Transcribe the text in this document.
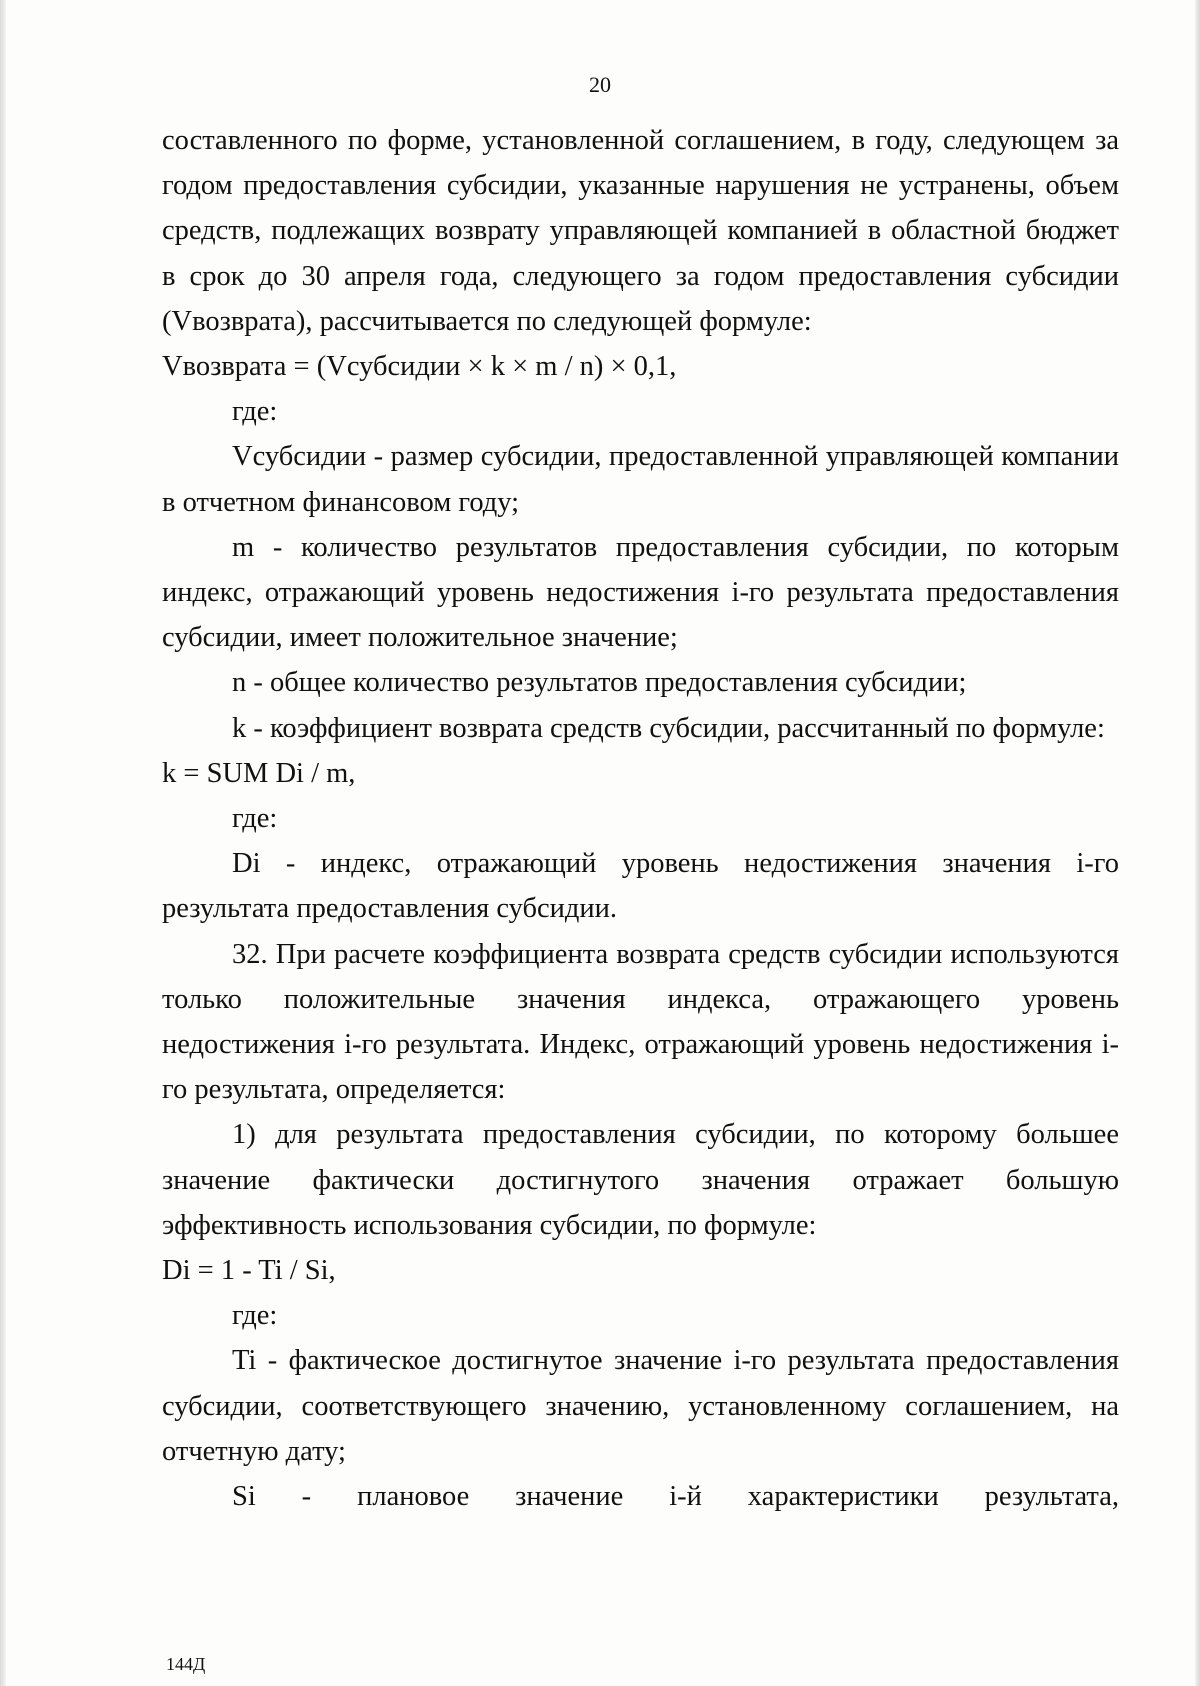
20

составленного по форме, установленной соглашением, в году, следующем за годом предоставления субсидии, указанные нарушения не устранены, объем средств, подлежащих возврату управляющей компанией в областной бюджет в срок до 30 апреля года, следующего за годом предоставления субсидии (Vвозврата), рассчитывается по следующей формуле:

Vвозврата = (Vсубсидии × k × m / n) × 0,1,

где:

Vсубсидии - размер субсидии, предоставленной управляющей компании в отчетном финансовом году;

m - количество результатов предоставления субсидии, по которым индекс, отражающий уровень недостижения i-го результата предоставления субсидии, имеет положительное значение;

n - общее количество результатов предоставления субсидии;

k - коэффициент возврата средств субсидии, рассчитанный по формуле:

k = SUM Di / m,

где:

Di - индекс, отражающий уровень недостижения значения i-го результата предоставления субсидии.

32. При расчете коэффициента возврата средств субсидии используются только положительные значения индекса, отражающего уровень недостижения i-го результата. Индекс, отражающий уровень недостижения i-го результата, определяется:

1) для результата предоставления субсидии, по которому большее значение фактически достигнутого значения отражает большую эффективность использования субсидии, по формуле:

Di = 1 - Ti / Si,

где:

Ti - фактическое достигнутое значение i-го результата предоставления субсидии, соответствующего значению, установленному соглашением, на отчетную дату;

Si - плановое значение i-й характеристики результата,

144Д
